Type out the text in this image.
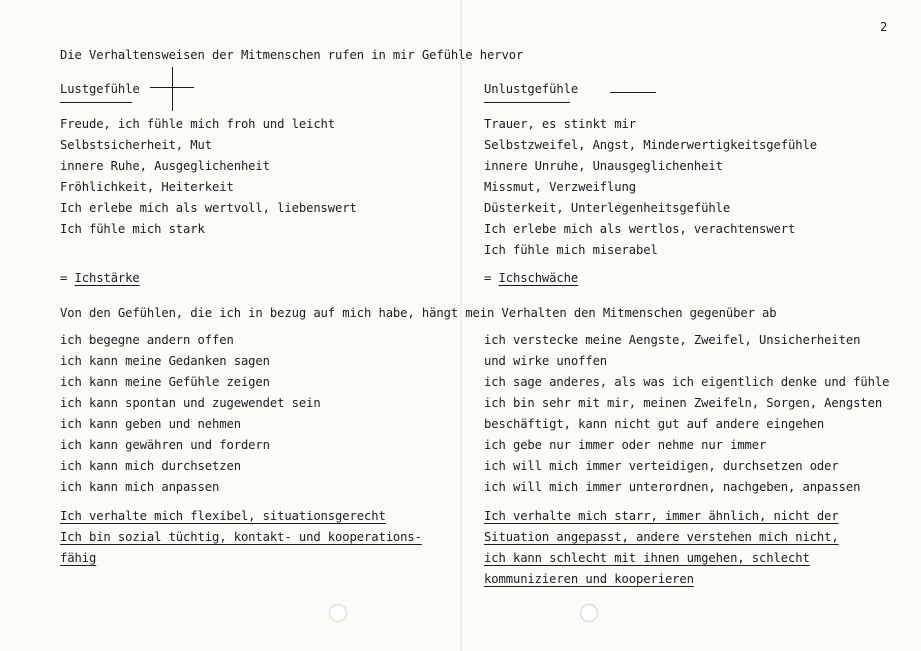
2
Die Verhaltensweisen der Mitmenschen rufen in mir Gefühle hervor
Lustgefühle	Unlustgefühle
Freude, ich fühle mich froh und leicht
Selbstsicherheit, Mut
innere Ruhe, Ausgeglichenheit
Fröhlichkeit, Heiterkeit
Ich erlebe mich als wertvoll, liebenswert
Ich fühle mich stark
Trauer, es stinkt mir
Selbstzweifel, Angst, Minderwertigkeitsgefühle
innere Unruhe, Unausgeglichenheit
Missmut, Verzweiflung
Düsterkeit, Unterlegenheitsgefühle
Ich erlebe mich als wertlos, verachtenswert
Ich fühle mich miserabel
= Ichstärke	= Ichschwäche
Von den Gefühlen, die ich in bezug auf mich habe, hängt mein Verhalten den Mitmenschen gegenüber ab
ich begegne andern offen
ich kann meine Gedanken sagen
ich kann meine Gefühle zeigen
ich kann spontan und zugewendet sein
ich kann geben und nehmen
ich kann gewähren und fordern
ich kann mich durchsetzen
ich kann mich anpassen
ich verstecke meine Aengste, Zweifel, Unsicherheiten
und wirke unoffen
ich sage anderes, als was ich eigentlich denke und fühle
ich bin sehr mit mir, meinen Zweifeln, Sorgen, Aengsten
beschäftigt, kann nicht gut auf andere eingehen
ich gebe nur immer oder nehme nur immer
ich will mich immer verteidigen, durchsetzen oder
ich will mich immer unterordnen, nachgeben, anpassen
Ich verhalte mich flexibel, situationsgerecht
Ich bin sozial tüchtig, kontakt- und kooperations-
fähig
Ich verhalte mich starr, immer ähnlich, nicht der
Situation angepasst, andere verstehen mich nicht,
ich kann schlecht mit ihnen umgehen, schlecht
kommunizieren und kooperieren
